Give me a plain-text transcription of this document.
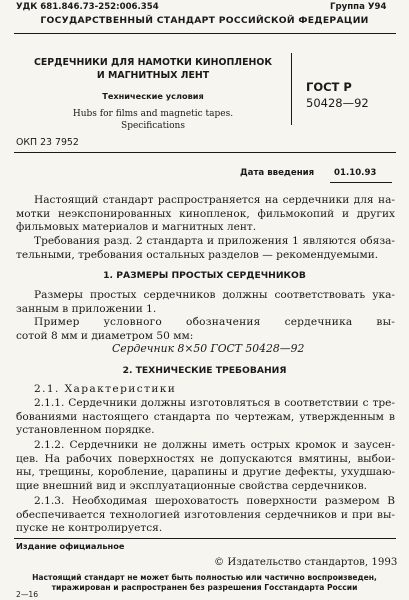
УДК 681.846.73-252:006.354	Группа У94
ГОСУДАРСТВЕННЫЙ СТАНДАРТ РОССИЙСКОЙ ФЕДЕРАЦИИ
СЕРДЕЧНИКИ ДЛЯ НАМОТКИ КИНОПЛЕНОК
И МАГНИТНЫХ ЛЕНТ
Технические условия
Hubs for films and magnetic tapes.
Specifications
ГОСТ Р
50428—92
ОКП 23 7952
Дата введения 01.10.93
Настоящий стандарт распространяется на сердечники для на-
мотки неэкспонированных кинопленок, фильмокопий и других
фильмовых материалов и магнитных лент.
Требования разд. 2 стандарта и приложения 1 являются обяза-
тельными, требования остальных разделов — рекомендуемыми.
1. РАЗМЕРЫ ПРОСТЫХ СЕРДЕЧНИКОВ
Размеры простых сердечников должны соответствовать ука-
занным в приложении 1.
Пример условного обозначения сердечника вы-
сотой 8 мм и диаметром 50 мм:
Сердечник 8×50 ГОСТ 50428—92
2. ТЕХНИЧЕСКИЕ ТРЕБОВАНИЯ
2.1. Характеристики
2.1.1. Сердечники должны изготовляться в соответствии с тре-
бованиями настоящего стандарта по чертежам, утвержденным в
установленном порядке.
2.1.2. Сердечники не должны иметь острых кромок и заусен-
цев. На рабочих поверхностях не допускаются вмятины, выбои-
ны, трещины, коробление, царапины и другие дефекты, ухудшаю-
щие внешний вид и эксплуатационные свойства сердечников.
2.1.3. Необходимая шероховатость поверхности размером B
обеспечивается технологией изготовления сердечников и при вы-
пуске не контролируется.
Издание официальное
© Издательство стандартов, 1993
Настоящий стандарт не может быть полностью или частично воспроизведен,
тиражирован и распространен без разрешения Госстандарта России
2—16
